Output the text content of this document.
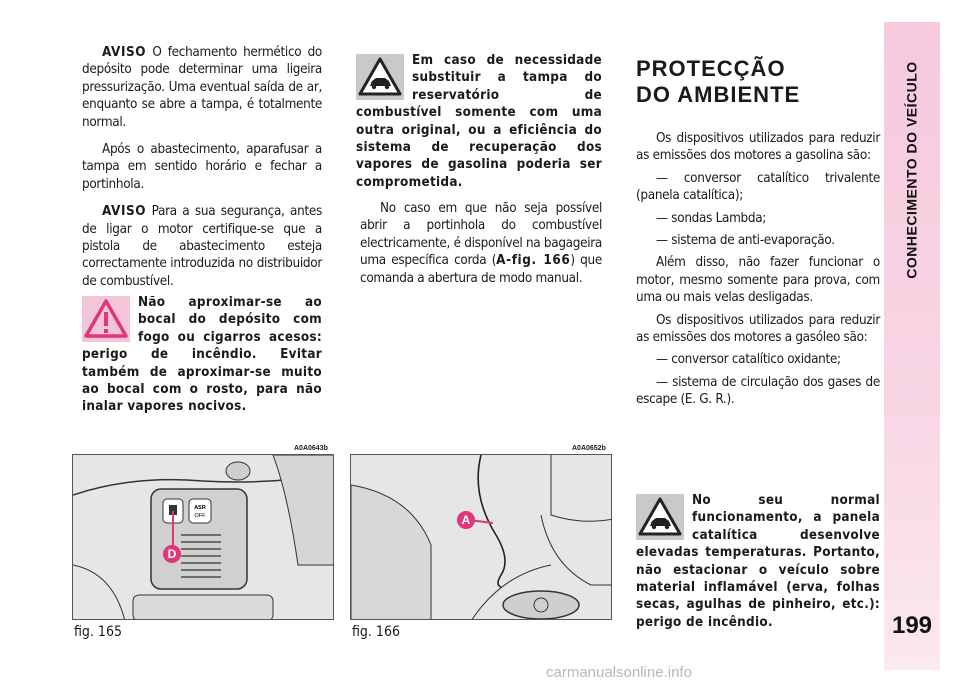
CONHECIMENTO DO VEÍCULO
199

AVISO O fechamento hermético do depósito pode determinar uma ligeira pressurização. Uma eventual saída de ar, enquanto se abre a tampa, é totalmente normal.

Após o abastecimento, aparafusar a tampa em sentido horário e fechar a portinhola.

AVISO Para a sua segurança, antes de ligar o motor certifique-se que a pistola de abastecimento esteja correctamente introduzida no distribuidor de combustível.

Não aproximar-se ao bocal do depósito com fogo ou cigarros acesos: perigo de incêndio. Evitar também de aproximar-se muito ao bocal com o rosto, para não inalar vapores nocivos.
Em caso de necessidade substituir a tampa do reservatório de combustível somente com uma outra original, ou a eficiência do sistema de recuperação dos vapores de gasolina poderia ser comprometida.

No caso em que não seja possível abrir a portinhola do combustível electricamente, é disponível na bagageira uma específica corda (A-fig. 166) que comanda a abertura de modo manual.

PROTECÇÃO
DO AMBIENTE

Os dispositivos utilizados para reduzir as emissões dos motores a gasolina são:

— conversor catalítico trivalente (panela catalítica);

— sondas Lambda;

— sistema de anti-evaporação.

Além disso, não fazer funcionar o motor, mesmo somente para prova, com uma ou mais velas desligadas.

Os dispositivos utilizados para reduzir as emissões dos motores a gasóleo são:

— conversor catalítico oxidante;

— sistema de circulação dos gases de escape (E. G. R.).

No seu normal funcionamento, a panela catalítica desenvolve elevadas temperaturas. Portanto, não estacionar o veículo sobre material inflamável (erva, folhas secas, agulhas de pinheiro, etc.): perigo de incêndio.
A0A0643b
ASR
OFF
D
fig. 165
A0A0652b
A
fig. 166
carmanualsonline.info
